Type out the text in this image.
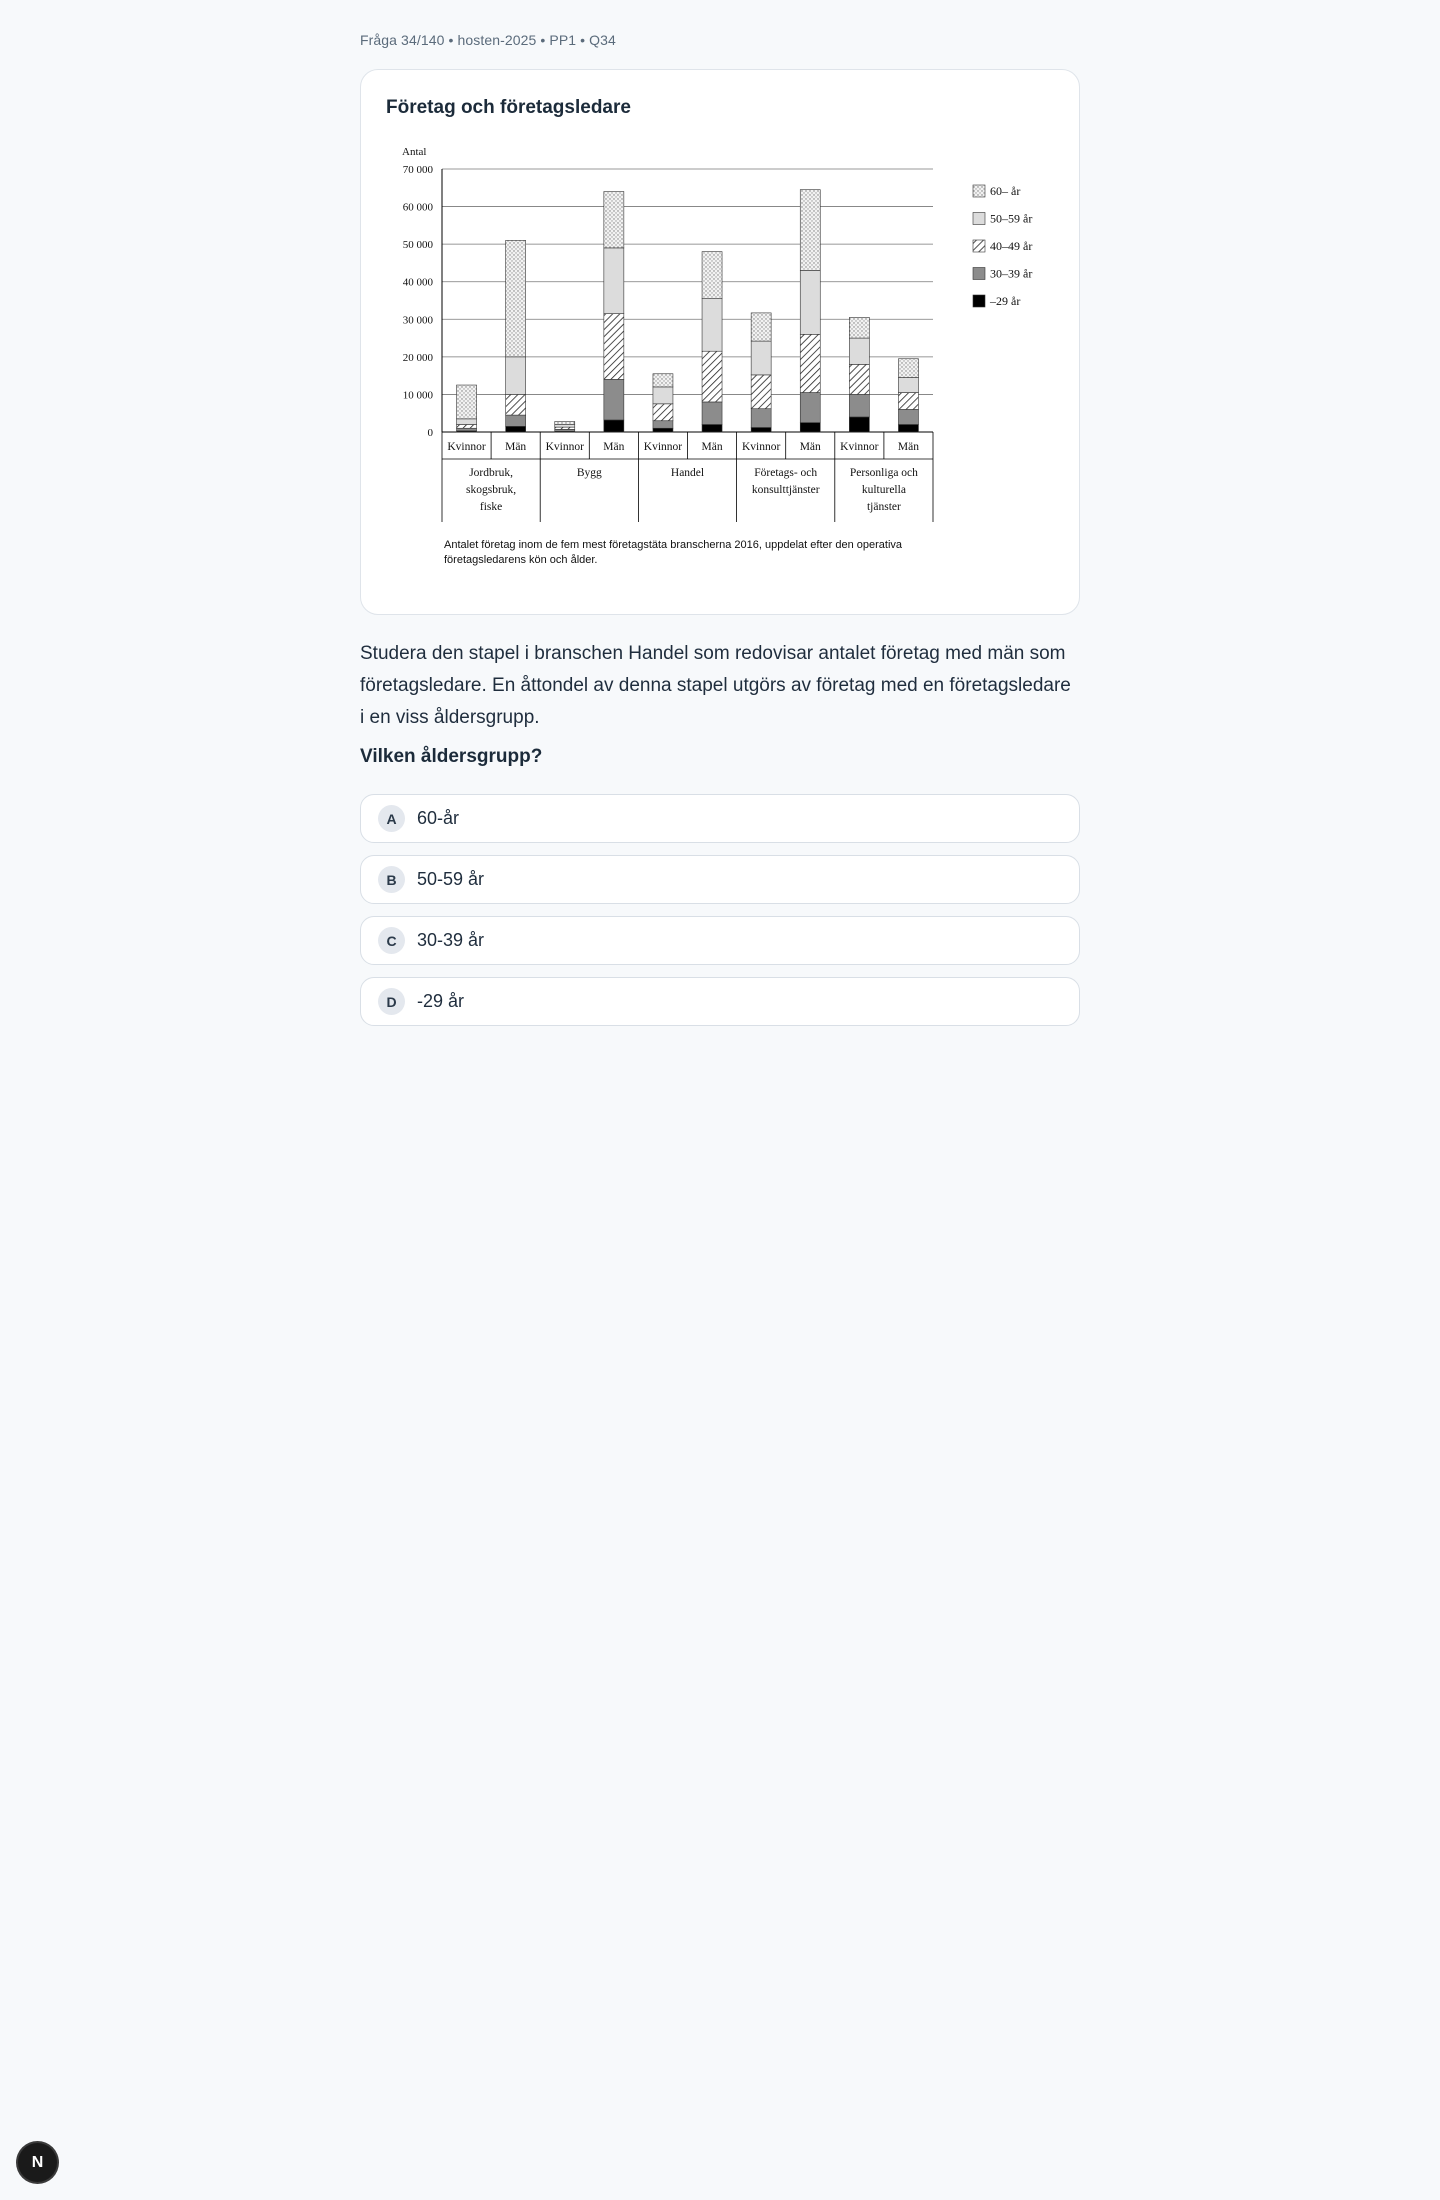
Fråga 34/140 • hosten-2025 • PP1 • Q34
Företag och företagsledare
70 000
60 000
50 000
40 000
30 000
20 000
10 000
0
Antal
Kvinnor Män Kvinnor Män Kvinnor Män Kvinnor Män Kvinnor Män
Jordbruk,
skogsbruk,
fiske
Bygg	Handel	Företags- och
konsulttjänster
Personliga och
kulturella
tjänster
60– år
50–59 år
40–49 år
30–39 år
–29 år
Antalet företag inom de fem mest företagstäta branscherna 2016, uppdelat efter den operativa
företagsledarens kön och ålder.
Studera den stapel i branschen Handel som redovisar antalet företag med män som företagsledare. En åttondel av denna stapel utgörs av företag med en företagsledare i en viss åldersgrupp.
Vilken åldersgrupp?
A	60-år
B	50-59 år
C	30-39 år
D	-29 år
N
